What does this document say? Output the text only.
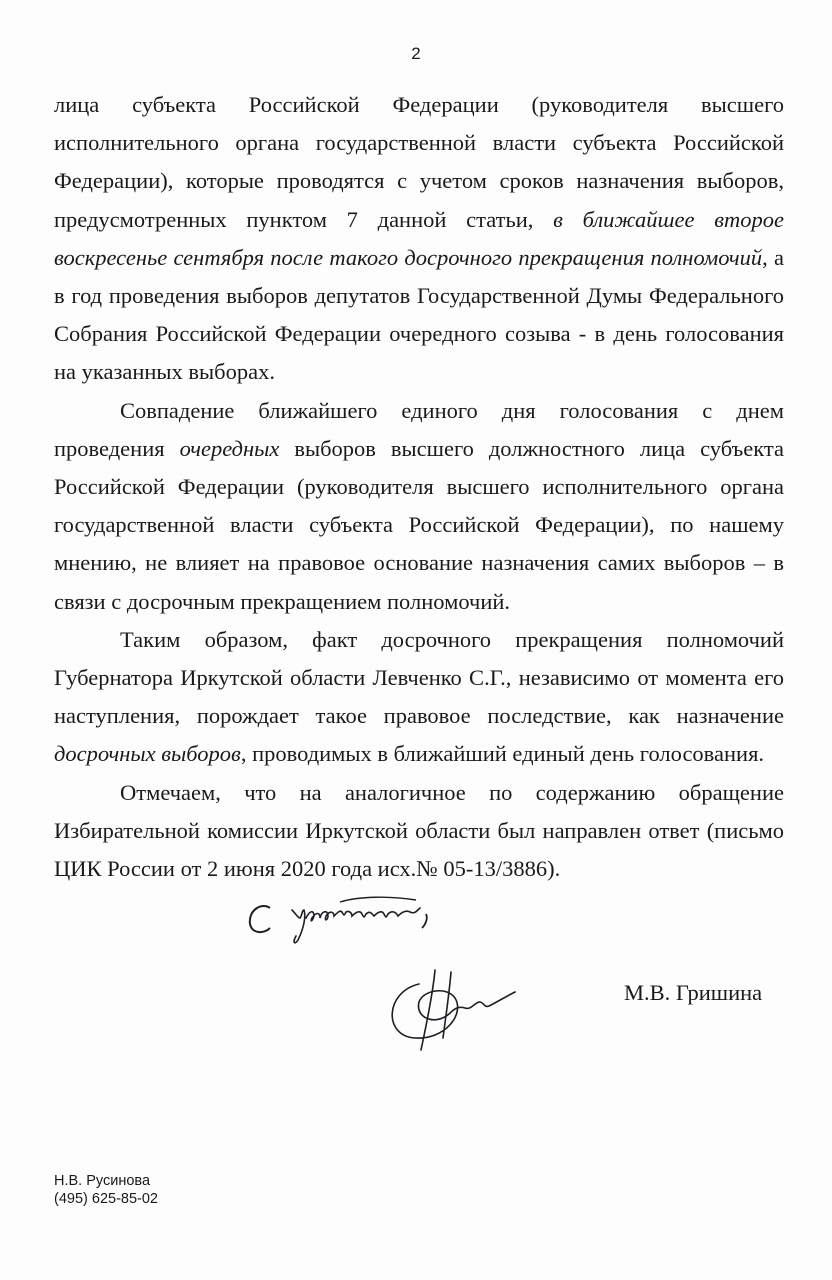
2

лица субъекта Российской Федерации (руководителя высшего исполнительного органа государственной власти субъекта Российской Федерации), которые проводятся с учетом сроков назначения выборов, предусмотренных пунктом 7 данной статьи, в ближайшее второе воскресенье сентября после такого досрочного прекращения полномочий, а в год проведения выборов депутатов Государственной Думы Федерального Собрания Российской Федерации очередного созыва - в день голосования на указанных выборах.

Совпадение ближайшего единого дня голосования с днем проведения очередных выборов высшего должностного лица субъекта Российской Федерации (руководителя высшего исполнительного органа государственной власти субъекта Российской Федерации), по нашему мнению, не влияет на правовое основание назначения самих выборов – в связи с досрочным прекращением полномочий.

Таким образом, факт досрочного прекращения полномочий Губернатора Иркутской области Левченко С.Г., независимо от момента его наступления, порождает такое правовое последствие, как назначение досрочных выборов, проводимых в ближайший единый день голосования.

Отмечаем, что на аналогичное по содержанию обращение Избирательной комиссии Иркутской области был направлен ответ (письмо ЦИК России от 2 июня 2020 года исх.№ 05-13/3886).

М.В. Гришина
Н.В. Русинова
(495) 625-85-02
